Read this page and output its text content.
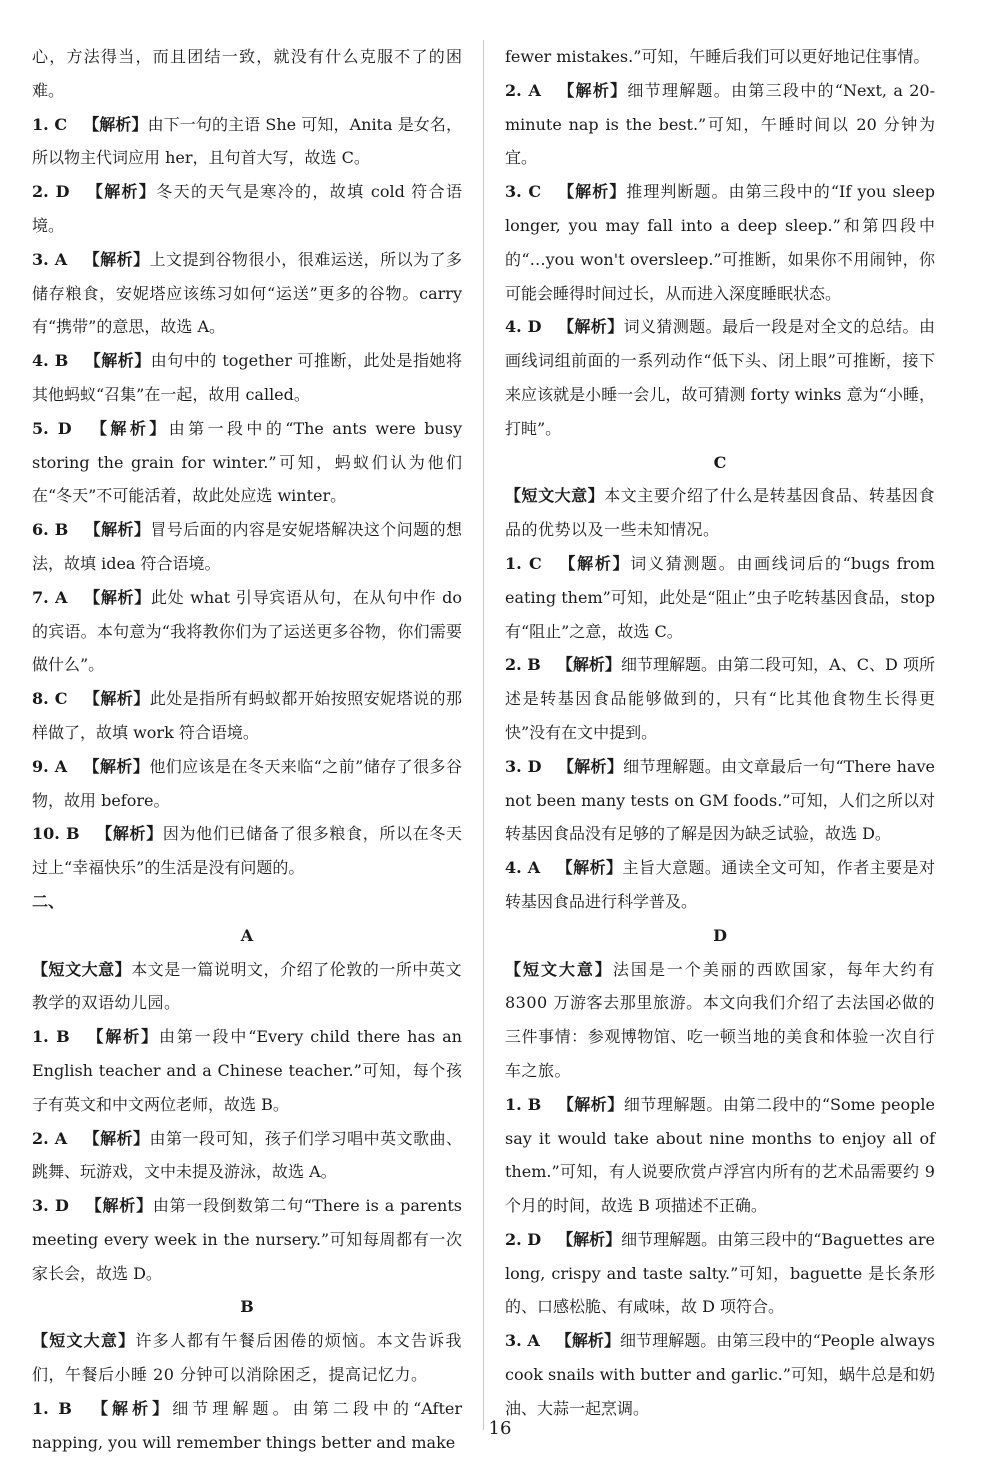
心，方法得当，而且团结一致，就没有什么克服不了的困难。

1. C  【解析】由下一句的主语 She 可知，Anita 是女名，所以物主代词应用 her，且句首大写，故选 C。

2. D  【解析】冬天的天气是寒冷的，故填 cold 符合语境。

3. A  【解析】上文提到谷物很小，很难运送，所以为了多储存粮食，安妮塔应该练习如何“运送”更多的谷物。carry 有“携带”的意思，故选 A。

4. B  【解析】由句中的 together 可推断，此处是指她将其他蚂蚁“召集”在一起，故用 called。

5. D  【解析】由第一段中的“The ants were busy storing the grain for winter.”可知，蚂蚁们认为他们在“冬天”不可能活着，故此处应选 winter。

6. B  【解析】冒号后面的内容是安妮塔解决这个问题的想法，故填 idea 符合语境。

7. A  【解析】此处 what 引导宾语从句，在从句中作 do 的宾语。本句意为“我将教你们为了运送更多谷物，你们需要做什么”。

8. C  【解析】此处是指所有蚂蚁都开始按照安妮塔说的那样做了，故填 work 符合语境。

9. A  【解析】他们应该是在冬天来临“之前”储存了很多谷物，故用 before。

10. B  【解析】因为他们已储备了很多粮食，所以在冬天过上“幸福快乐”的生活是没有问题的。

二、

A

【短文大意】本文是一篇说明文，介绍了伦敦的一所中英文教学的双语幼儿园。

1. B  【解析】由第一段中“Every child there has an English teacher and a Chinese teacher.”可知，每个孩子有英文和中文两位老师，故选 B。

2. A  【解析】由第一段可知，孩子们学习唱中英文歌曲、跳舞、玩游戏，文中未提及游泳，故选 A。

3. D  【解析】由第一段倒数第二句“There is a parents meeting every week in the nursery.”可知每周都有一次家长会，故选 D。

B

【短文大意】许多人都有午餐后困倦的烦恼。本文告诉我们，午餐后小睡 20 分钟可以消除困乏，提高记忆力。

1. B  【解析】细节理解题。由第二段中的“After napping, you will remember things better and make

fewer mistakes.”可知，午睡后我们可以更好地记住事情。

2. A  【解析】细节理解题。由第三段中的“Next, a 20-minute nap is the best.”可知，午睡时间以 20 分钟为宜。

3. C  【解析】推理判断题。由第三段中的“If you sleep longer, you may fall into a deep sleep.”和第四段中的“…you won't oversleep.”可推断，如果你不用闹钟，你可能会睡得时间过长，从而进入深度睡眠状态。

4. D  【解析】词义猜测题。最后一段是对全文的总结。由画线词组前面的一系列动作“低下头、闭上眼”可推断，接下来应该就是小睡一会儿，故可猜测 forty winks 意为“小睡，打盹”。

C

【短文大意】本文主要介绍了什么是转基因食品、转基因食品的优势以及一些未知情况。

1. C  【解析】词义猜测题。由画线词后的“bugs from eating them”可知，此处是“阻止”虫子吃转基因食品，stop 有“阻止”之意，故选 C。

2. B  【解析】细节理解题。由第二段可知，A、C、D 项所述是转基因食品能够做到的，只有“比其他食物生长得更快”没有在文中提到。

3. D  【解析】细节理解题。由文章最后一句“There have not been many tests on GM foods.”可知，人们之所以对转基因食品没有足够的了解是因为缺乏试验，故选 D。

4. A  【解析】主旨大意题。通读全文可知，作者主要是对转基因食品进行科学普及。

D

【短文大意】法国是一个美丽的西欧国家，每年大约有 8300 万游客去那里旅游。本文向我们介绍了去法国必做的三件事情：参观博物馆、吃一顿当地的美食和体验一次自行车之旅。

1. B  【解析】细节理解题。由第二段中的“Some people say it would take about nine months to enjoy all of them.”可知，有人说要欣赏卢浮宫内所有的艺术品需要约 9 个月的时间，故选 B 项描述不正确。

2. D  【解析】细节理解题。由第三段中的“Baguettes are long, crispy and taste salty.”可知，baguette 是长条形的、口感松脆、有咸味，故 D 项符合。

3. A  【解析】细节理解题。由第三段中的“People always cook snails with butter and garlic.”可知，蜗牛总是和奶油、大蒜一起烹调。

16
